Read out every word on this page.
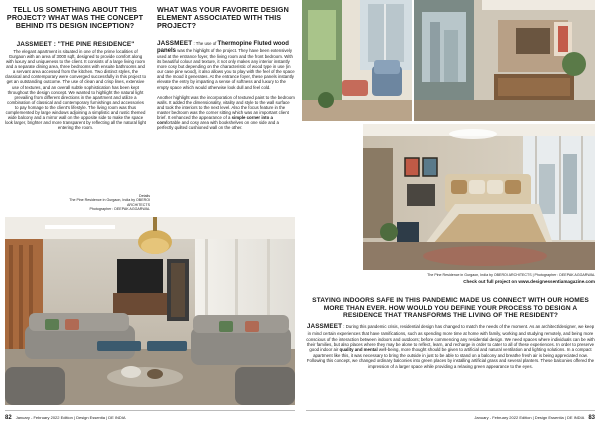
TELL US SOMETHING ABOUT THIS PROJECT? WHAT WAS THE CONCEPT BEHIND ITS DESIGN INCEPTION?
JASSMEET : "THE PINE RESIDENCE"
The elegant apartment is situated in one of the prime localities of Gurgaon with an area of 3000 sqft, designed to provide comfort along with luxury and uniqueness to the client. It consists of a large living room and a separate dining area, three bedrooms with ensuite bathrooms and a servant area accessed from the kitchen. Two distinct styles, the classical and contemporary were converged successfully in this project to get an outstanding outcome. The use of clean and crisp lines, extensive use of textures, and an overall subtle sophistication has been kept throughout the design concept. We wanted to highlight the natural light prevailing from different directions in the apartment and utilize a combination of classical and contemporary furnishings and accessories to pay homage to the client's lifestyle. The living room was thus complemented by large windows adjoining a simplistic and rustic themed wide balcony and a mirror wall on the opposite side to make the space look larger, brighter and more transparent by reflecting all the natural light entering the room.
Details
The Pine Residence in Gurgaon, India by OBEROI ARCHITECTS
Photographer : DEEPAK AGGARWAL
WHAT WAS YOUR FAVORITE DESIGN ELEMENT ASSOCIATED WITH THIS PROJECT?
JASSMEET : The use of Thermopine Fluted wood panels was the highlight of the project. They have been extensively used at the entrance foyer, the living room and the front bedroom. With its beautiful colour and texture, it not only makes any interior instantly more cosy but depending on the characteristic of wood type in use (in our case pine wood), it also allows you to play with the feel of the space and the mood it generates. At the entrance foyer, these panels instantly elevate the entry by imparting a sense of softness and luxury to the empty space which would otherwise look dull and feel cold.
Another highlight was the incorporation of textured paint to the bedroom walls. It added the dimensionality, vitality and style to the wall surface and took the interiors to the next level. Also the focus feature in the master bedroom was the corner sitting which was an important client brief. It enhanced the appearance of a simple corner into a comfortable and cosy area with bookshelves on one side and a perfectly quilted cushioned wall on the other.
The Pine Residence in Gurgaon, India by OBEROI ARCHITECTS | Photographer : DEEPAK AGGARWAL
Check out full project on www.designessentiamagazine.com
STAYING INDOORS SAFE IN THIS PANDEMIC MADE US CONNECT WITH OUR HOMES MORE THAN EVER. HOW WOULD YOU DEFINE YOUR PROCESS TO DESIGN A RESIDENCE THAT TRANSFORMS THE LIVING OF THE RESIDENT?
JASSMEET : During this pandemic crisis, residential design has changed to match the needs of the moment. As an architect/designer, we keep in mind certain experiences that have ramifications, such as spending more time at home with family, working and studying remotely, and being more conscious of the interaction between indoors and outdoors; before commencing any residential design. We need spaces where individuals can be with their families, but also places where they may be alone to reflect, learn, and recharge in order to cater to all of these experiences. In order to preserve good indoor air quality and mental well-being, more thought should be given to artificial and natural ventilation and lighting solutions. In a compact apartment like this, it was necessary to bring the outside in just to be able to stand on a balcony and breathe fresh air is being appreciated now. Following this concept, we changed ordinary balconies into green places by installing artificial grass and several planters. These balconies offered the impression of a larger space while providing a relaxing green appearance to the eyes.
82 January - February 2022 Edition | Design Essentia | DE INDIA	January - February 2022 Edition | Design Essentia | DE INDIA 83
